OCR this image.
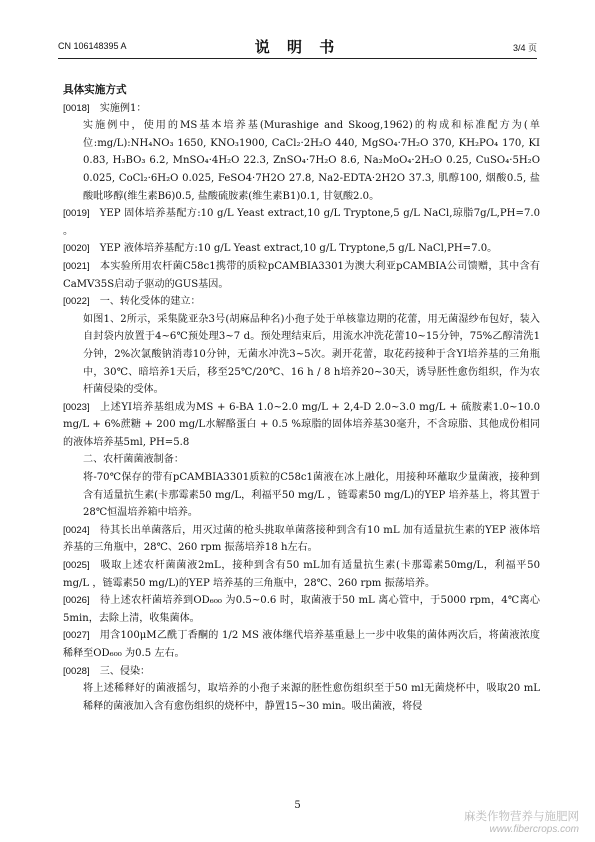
CN 106148395 A	说 明 书	3/4 页

具体实施方式

[0018] 实施例1：

实施例中，使用的MS基本培养基(Murashige and Skoog,1962)的构成和标准配方为(单位:mg/L):NH₄NO₃ 1650, KNO₃1900, CaCl₂·2H₂O 440, MgSO₄·7H₂O 370, KH₂PO₄ 170, KI 0.83, H₃BO₃ 6.2, MnSO₄·4H₂O 22.3, ZnSO₄·7H₂O 8.6, Na₂MoO₄·2H₂O 0.25, CuSO₄·5H₂O 0.025, CoCl₂·6H₂O 0.025, FeSO4·7H2O 27.8, Na2-EDTA·2H2O 37.3, 肌醇100, 烟酸0.5, 盐酸吡哆醇(维生素B6)0.5, 盐酸硫胺素(维生素B1)0.1, 甘氨酸2.0。

[0019] YEP 固体培养基配方:10 g/L Yeast extract,10 g/L Tryptone,5 g/L NaCl,琼脂7g/L,PH=7.0 。

[0020] YEP 液体培养基配方:10 g/L Yeast extract,10 g/L Tryptone,5 g/L NaCl,PH=7.0。

[0021] 本实验所用农杆菌C58c1携带的质粒pCAMBIA3301为澳大利亚pCAMBIA公司馈赠，其中含有CaMV35S启动子驱动的GUS基因。

[0022] 一、转化受体的建立：

如图1、2所示，采集陇亚杂3号(胡麻品种名)小孢子处于单核靠边期的花蕾，用无菌湿纱布包好，装入自封袋内放置于4~6℃预处理3~7 d。预处理结束后，用流水冲洗花蕾10~15分钟，75%乙醇清洗1分钟，2%次氯酸钠消毒10分钟，无菌水冲洗3~5次。剥开花蕾，取花药接种于含YI培养基的三角瓶中，30℃、暗培养1天后，移至25℃/20℃、16 h / 8 h培养20~30天，诱导胚性愈伤组织，作为农杆菌侵染的受体。

[0023] 上述YI培养基组成为MS + 6-BA 1.0~2.0 mg/L + 2,4-D 2.0~3.0 mg/L + 硫胺素1.0~10.0 mg/L + 6%蔗糖 + 200 mg/L水解酪蛋白 + 0.5 %琼脂的固体培养基30毫升，不含琼脂、其他成份相同的液体培养基5ml, PH=5.8

二、农杆菌菌液制备：

将-70℃保存的带有pCAMBIA3301质粒的C58c1菌液在冰上融化，用接种环蘸取少量菌液，接种到含有适量抗生素(卡那霉素50 mg/L，利福平50 mg/L ，链霉素50 mg/L)的YEP 培养基上，将其置于28℃恒温培养箱中培养。

[0024] 待其长出单菌落后，用灭过菌的枪头挑取单菌落接种到含有10 mL 加有适量抗生素的YEP 液体培养基的三角瓶中，28℃、260 rpm 振荡培养18 h左右。

[0025] 吸取上述农杆菌菌液2mL，接种到含有50 mL加有适量抗生素(卡那霉素50mg/L，利福平50 mg/L ，链霉素50 mg/L)的YEP 培养基的三角瓶中，28℃、260 rpm 振荡培养。

[0026] 待上述农杆菌培养到OD₆₀₀ 为0.5~0.6 时，取菌液于50 mL 离心管中，于5000 rpm，4℃离心5min，去除上清，收集菌体。

[0027] 用含100μM乙酰丁香酮的 1/2 MS 液体继代培养基重悬上一步中收集的菌体两次后，将菌液浓度稀释至OD₆₀₀ 为0.5 左右。

[0028] 三、侵染：

将上述稀释好的菌液摇匀，取培养的小孢子来源的胚性愈伤组织至于50 ml无菌烧杯中，吸取20 mL 稀释的菌液加入含有愈伤组织的烧杯中，静置15~30 min。吸出菌液，将侵

5
麻类作物营养与施肥网
www.fibercrops.com
